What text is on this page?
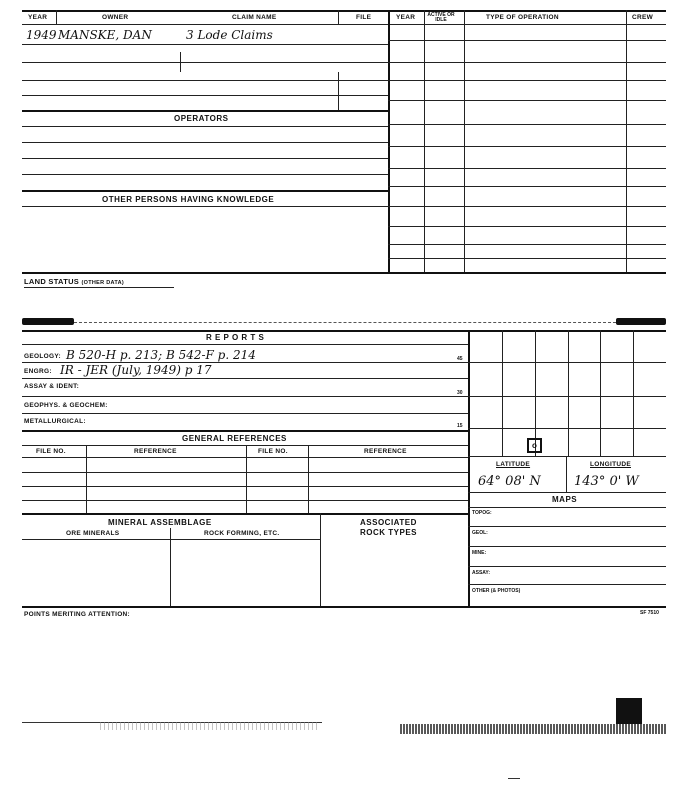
YEAR	OWNER	CLAIM NAME	FILE	YEAR	ACTIVE OR IDLE	TYPE OF OPERATION	CREW
1949 MANSKE, DAN	3 Lode Claims
OPERATORS
OTHER PERSONS HAVING KNOWLEDGE
LAND STATUS (OTHER DATA)
R E P O R T S
GEOLOGY: B 520-H p. 213; B 542-F p. 214
ENGRG: IR - JER (July, 1949) p 17
ASSAY & IDENT:
GEOPHYS. & GEOCHEM:
METALLURGICAL:
45
30
15
GENERAL REFERENCES
FILE NO.	REFERENCE	FILE NO.	REFERENCE
MINERAL ASSEMBLAGE
ORE MINERALS	ROCK FORMING, ETC.
ASSOCIATED
ROCK TYPES
o
LATITUDE	LONGITUDE
64° 08' N	143° 0' W
MAPS
TOPOG:
GEOL:
MINE:
ASSAY:
OTHER (& PHOTOS)
POINTS MERITING ATTENTION:	SF 7510
